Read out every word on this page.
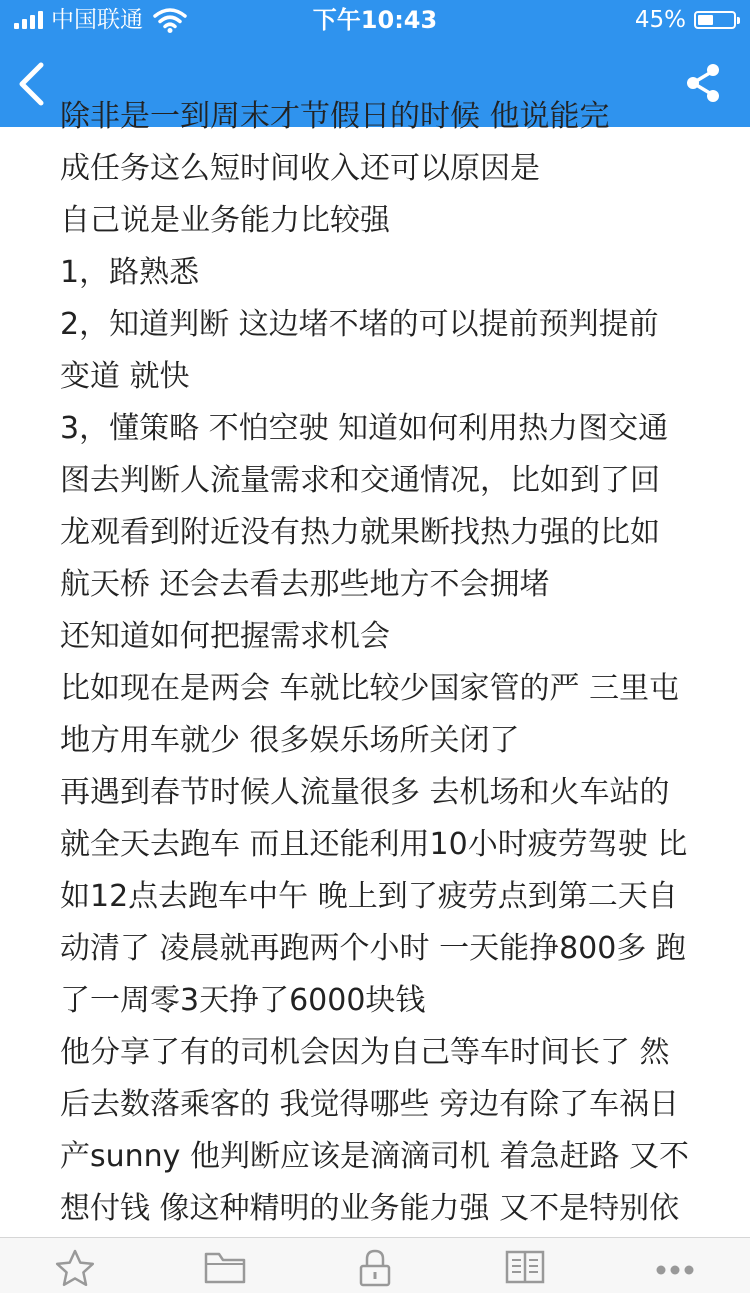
中国联通	下午10:43	45%
除非是一到周末才节假日的时候 他说能完
成任务这么短时间收入还可以原因是
自己说是业务能力比较强
1，路熟悉
2，知道判断 这边堵不堵的可以提前预判提前
变道 就快
3，懂策略 不怕空驶 知道如何利用热力图交通
图去判断人流量需求和交通情况，比如到了回
龙观看到附近没有热力就果断找热力强的比如
航天桥 还会去看去那些地方不会拥堵
还知道如何把握需求机会
比如现在是两会 车就比较少国家管的严 三里屯
地方用车就少 很多娱乐场所关闭了
再遇到春节时候人流量很多 去机场和火车站的
就全天去跑车 而且还能利用10小时疲劳驾驶 比
如12点去跑车中午 晚上到了疲劳点到第二天自
动清了 凌晨就再跑两个小时 一天能挣800多 跑
了一周零3天挣了6000块钱
他分享了有的司机会因为自己等车时间长了 然
后去数落乘客的 我觉得哪些 旁边有除了车祸日
产sunny 他判断应该是滴滴司机 着急赶路 又不
想付钱 像这种精明的业务能力强 又不是特别依
